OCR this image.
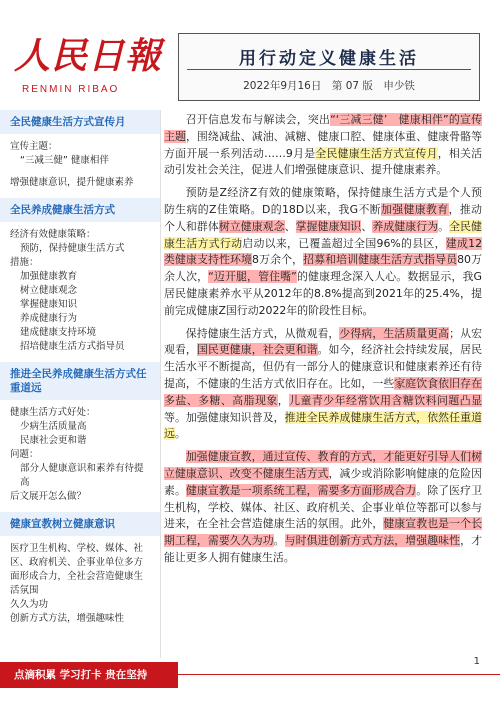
人民日報
RENMIN RIBAO
用行动定义健康生活
2022年9月16日　第 07 版　申少铁
全民健康生活方式宣传月
宣传主题：
“三减三健” 健康相伴
增强健康意识，提升健康素养
全民养成健康生活方式
经济有效健康策略：
预防，保持健康生活方式
措施：
加强健康教育
树立健康观念
掌握健康知识
养成健康行为
建成健康支持环境
招培健康生活方式指导员
推进全民养成健康生活方式任重道远
健康生活方式好处：
少病生活质量高
民康社会更和谐
问题：
部分人健康意识和素养有待提高
后文展开怎么做？
健康宣教树立健康意识
医疗卫生机构、学校、媒体、社区、政府机关、企事业单位多方面形成合力，全社会营造健康生活氛围
久久为功
创新方式方法，增强趣味性

召开信息发布与解读会，突出“‘三减三健’　健康相伴”的宣传主题，围绕减盐、减油、减糖、健康口腔、健康体重、健康骨骼等方面开展一系列活动……9月是全民健康生活方式宣传月，相关活动引发社会关注，促进人们增强健康意识、提升健康素养。

预防是Z经济Z有效的健康策略，保持健康生活方式是个人预防生病的Z佳策略。D的18D以来，我G不断加强健康教育，推动个人和群体树立健康观念、掌握健康知识、养成健康行为。全民健康生活方式行动启动以来，已覆盖超过全国96%的县区，建成12类健康支持性环境8万余个，招募和培训健康生活方式指导员80万余人次，“迈开腿，管住嘴”的健康理念深入人心。数据显示，我G居民健康素养水平从2012年的8.8%提高到2021年的25.4%，提前完成健康Z国行动2022年的阶段性目标。

保持健康生活方式，从微观看，少得病，生活质量更高；从宏观看，国民更健康，社会更和谐。如今，经济社会持续发展，居民生活水平不断提高，但仍有一部分人的健康意识和健康素养还有待提高，不健康的生活方式依旧存在。比如，一些家庭饮食依旧存在多盐、多糖、高脂现象，儿童青少年经常饮用含糖饮料问题凸显等。加强健康知识普及，推进全民养成健康生活方式，依然任重道远。

加强健康宣教，通过宣传、教育的方式，才能更好引导人们树立健康意识、改变不健康生活方式，减少或消除影响健康的危险因素。健康宣教是一项系统工程，需要多方面形成合力。除了医疗卫生机构，学校、媒体、社区、政府机关、企事业单位等都可以参与进来，在全社会营造健康生活的氛围。此外，健康宣教也是一个长期工程，需要久久为功。与时俱进创新方式方法，增强趣味性，才能让更多人拥有健康生活。

1
点滴积累 学习打卡 贵在坚持
